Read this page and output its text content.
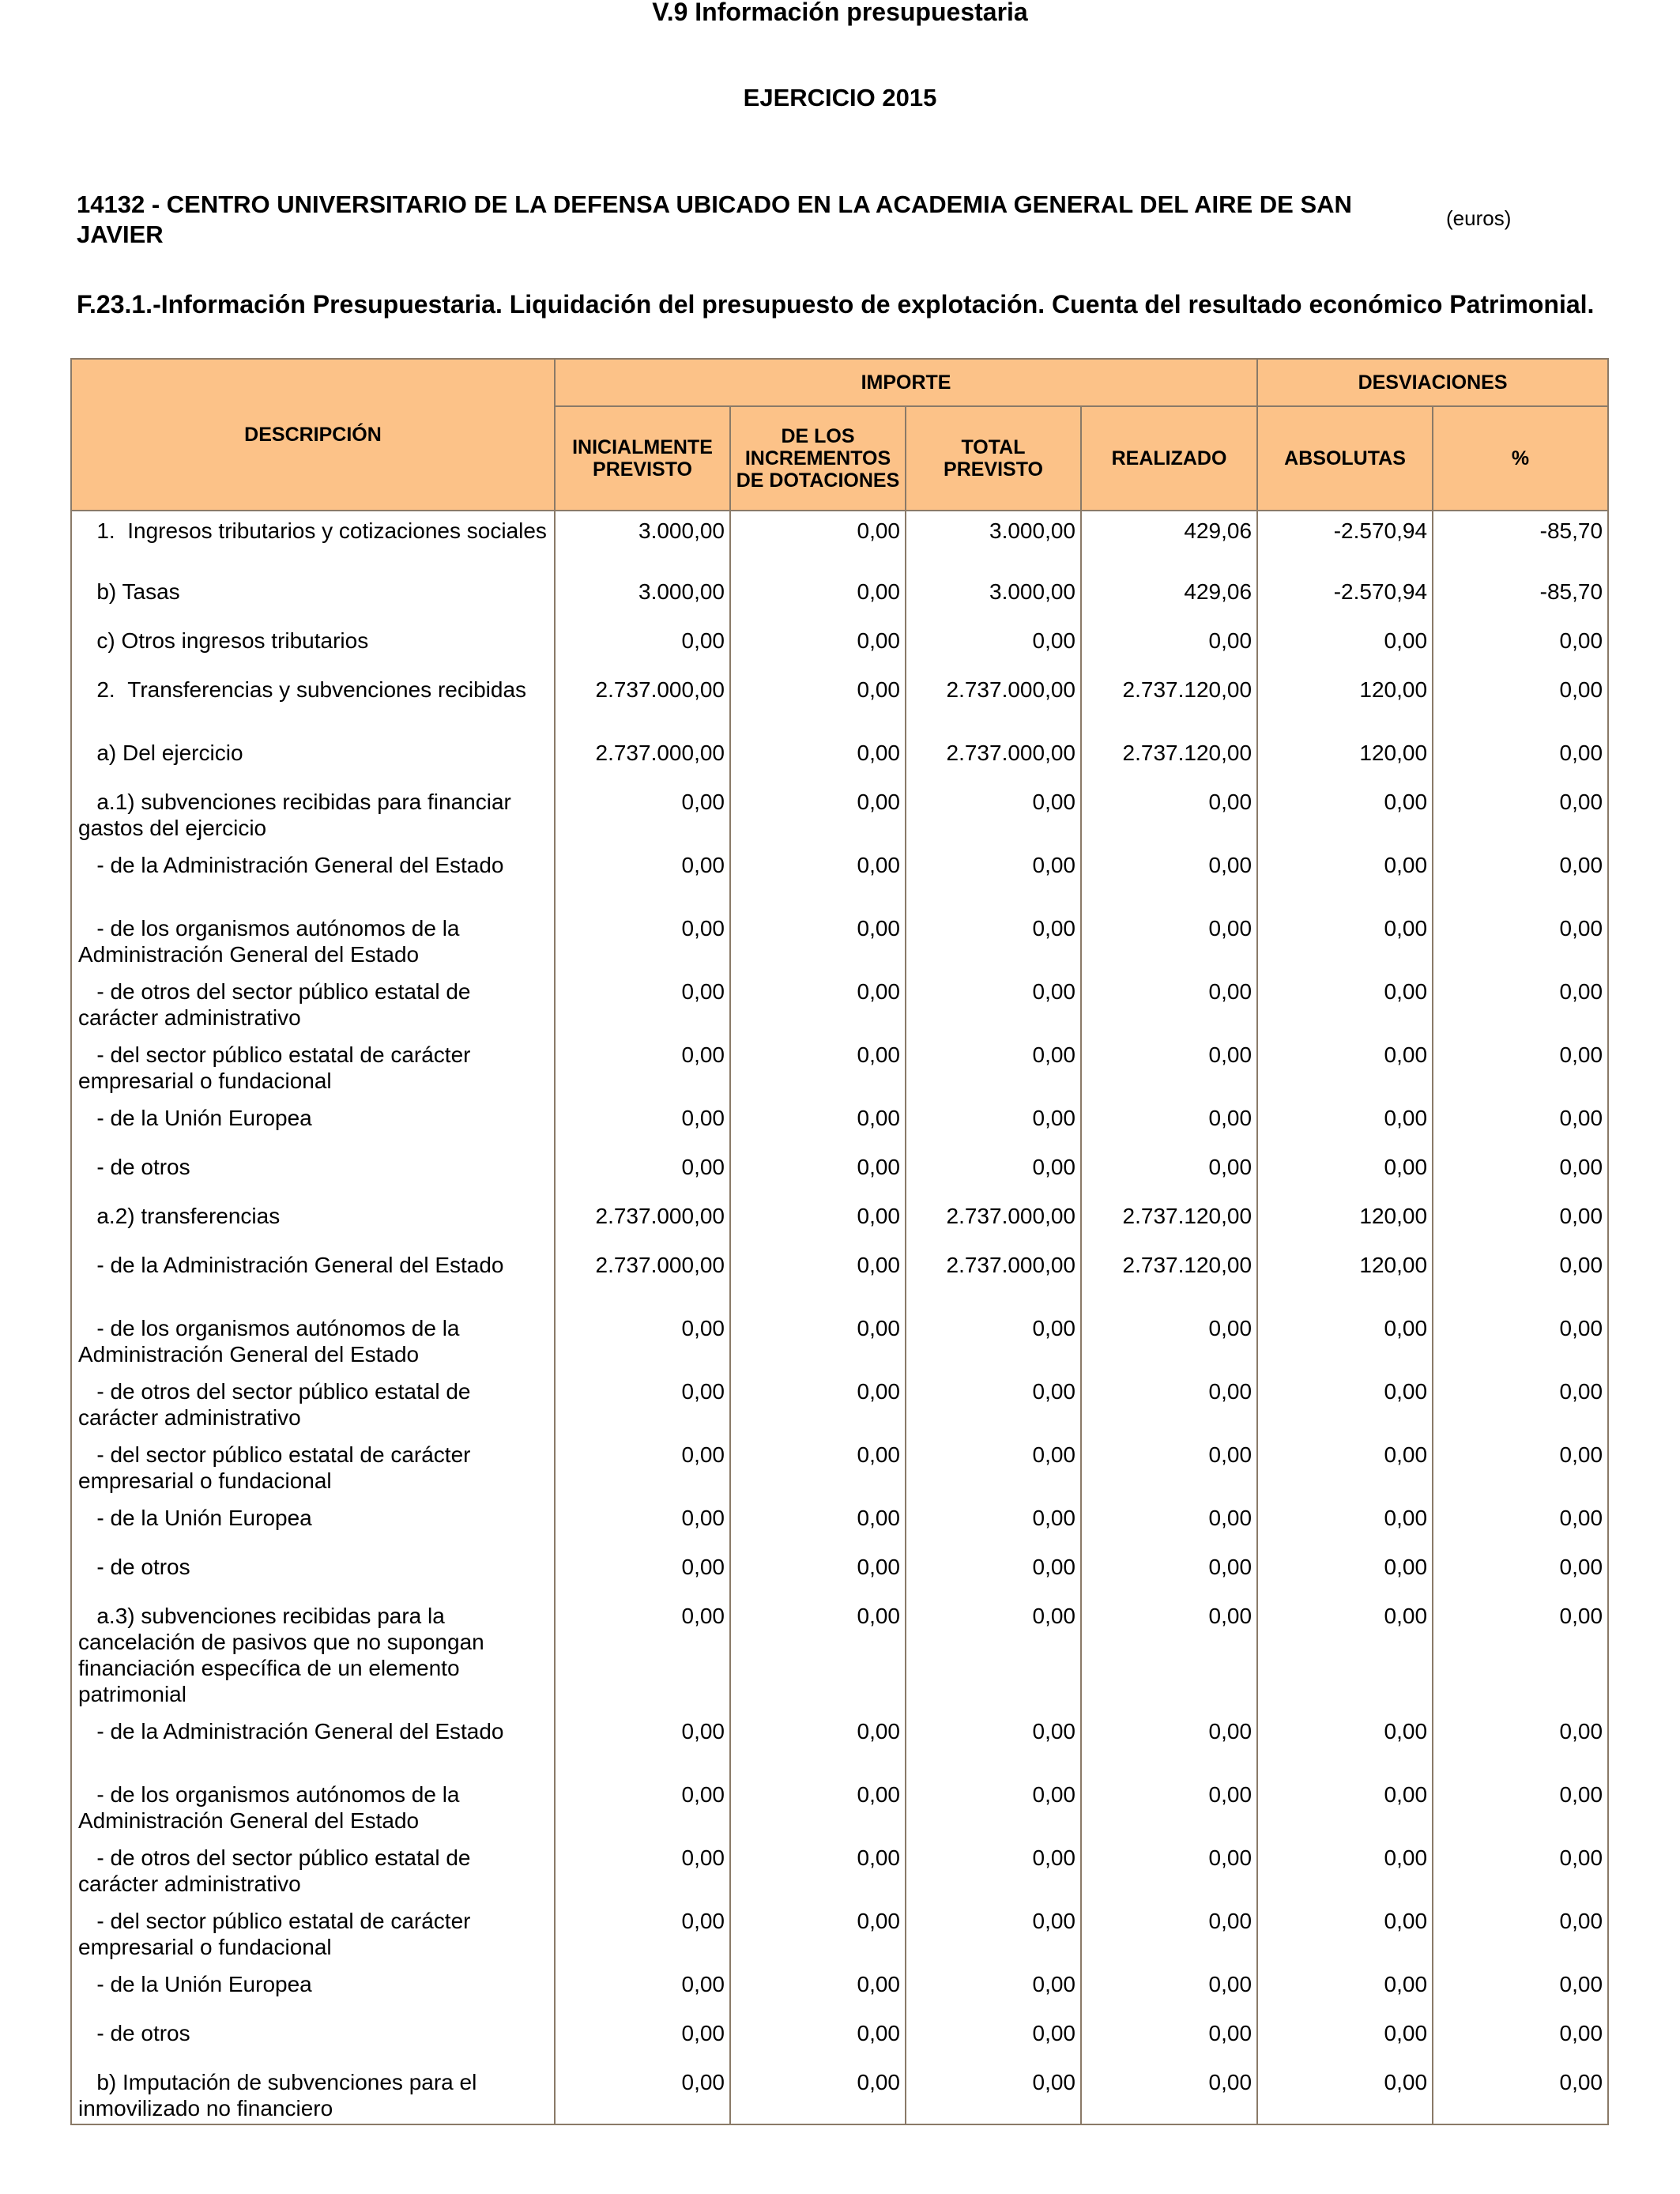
V.9 Información presupuestaria
EJERCICIO 2015
14132 - CENTRO UNIVERSITARIO DE LA DEFENSA UBICADO EN LA ACADEMIA GENERAL DEL AIRE DE SAN JAVIER
(euros)
F.23.1.-Información Presupuestaria. Liquidación del presupuesto de explotación. Cuenta del resultado económico Patrimonial.
DESCRIPCIÓN	IMPORTE				DESVIACIONES	
	INICIALMENTE PREVISTO	DE LOS INCREMENTOS DE DOTACIONES	TOTAL PREVISTO	REALIZADO	ABSOLUTAS	%
1.  Ingresos tributarios y cotizaciones sociales	3.000,00	0,00	3.000,00	429,06	-2.570,94	-85,70
b) Tasas	3.000,00	0,00	3.000,00	429,06	-2.570,94	-85,70
c) Otros ingresos tributarios	0,00	0,00	0,00	0,00	0,00	0,00
2.  Transferencias y subvenciones recibidas	2.737.000,00	0,00	2.737.000,00	2.737.120,00	120,00	0,00
a) Del ejercicio	2.737.000,00	0,00	2.737.000,00	2.737.120,00	120,00	0,00
a.1) subvenciones recibidas para financiar gastos del ejercicio	0,00	0,00	0,00	0,00	0,00	0,00
- de la Administración General del Estado	0,00	0,00	0,00	0,00	0,00	0,00
- de los organismos autónomos de la Administración General del Estado	0,00	0,00	0,00	0,00	0,00	0,00
- de otros del sector público estatal de carácter administrativo	0,00	0,00	0,00	0,00	0,00	0,00
- del sector público estatal de carácter empresarial o fundacional	0,00	0,00	0,00	0,00	0,00	0,00
- de la Unión Europea	0,00	0,00	0,00	0,00	0,00	0,00
- de otros	0,00	0,00	0,00	0,00	0,00	0,00
a.2) transferencias	2.737.000,00	0,00	2.737.000,00	2.737.120,00	120,00	0,00
- de la Administración General del Estado	2.737.000,00	0,00	2.737.000,00	2.737.120,00	120,00	0,00
- de los organismos autónomos de la Administración General del Estado	0,00	0,00	0,00	0,00	0,00	0,00
- de otros del sector público estatal de carácter administrativo	0,00	0,00	0,00	0,00	0,00	0,00
- del sector público estatal de carácter empresarial o fundacional	0,00	0,00	0,00	0,00	0,00	0,00
- de la Unión Europea	0,00	0,00	0,00	0,00	0,00	0,00
- de otros	0,00	0,00	0,00	0,00	0,00	0,00
a.3) subvenciones recibidas para la cancelación de pasivos que no supongan financiación específica de un elemento patrimonial	0,00	0,00	0,00	0,00	0,00	0,00
- de la Administración General del Estado	0,00	0,00	0,00	0,00	0,00	0,00
- de los organismos autónomos de la Administración General del Estado	0,00	0,00	0,00	0,00	0,00	0,00
- de otros del sector público estatal de carácter administrativo	0,00	0,00	0,00	0,00	0,00	0,00
- del sector público estatal de carácter empresarial o fundacional	0,00	0,00	0,00	0,00	0,00	0,00
- de la Unión Europea	0,00	0,00	0,00	0,00	0,00	0,00
- de otros	0,00	0,00	0,00	0,00	0,00	0,00
b) Imputación de subvenciones para el inmovilizado no financiero	0,00	0,00	0,00	0,00	0,00	0,00
